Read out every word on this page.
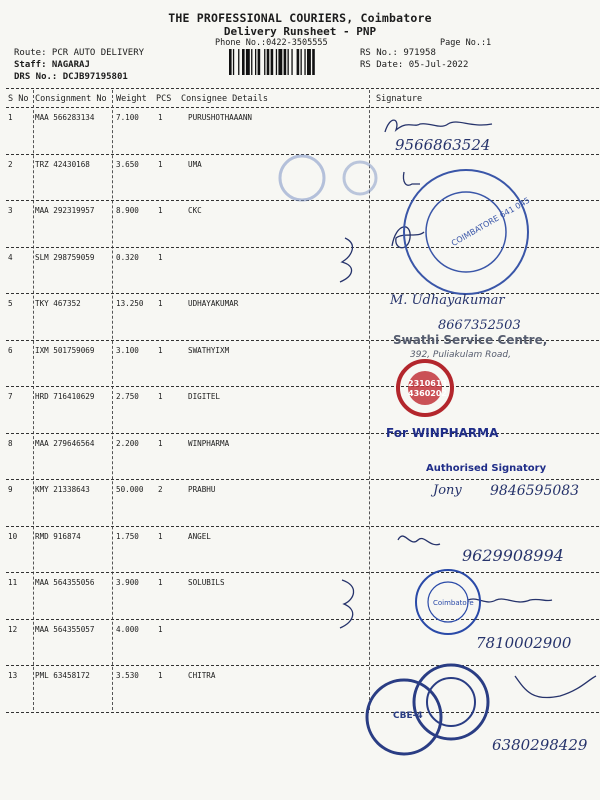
THE PROFESSIONAL COURIERS, Coimbatore
Delivery Runsheet - PNP
Phone No.:0422-3505555	Page No.:1
Route: PCR AUTO DELIVERY
Staff: NAGARAJ
DRS No.: DCJB97195801
RS No.: 971958
RS Date: 05-Jul-2022
S No Consignment No Weight PCS Consignee Details	Signature
1	MAA 566283134	7.100	1	PURUSHOTHAAANN
2	TRZ 42430168	3.650	1	UMA
3	MAA 292319957	8.900	1	CKC
4	SLM 298759059	0.320	1
5	TKY 467352	13.250 1	UDHAYAKUMAR
6	IXM 501759069	3.100	1	SWATHYIXM
7	HRD 716410629	2.750	1	DIGITEL
8	MAA 279646564	2.200	1	WINPHARMA
9	KMY 21338643	50.000 2	PRABHU
10 RMD 916874	1.750	1	ANGEL
11 MAA 564355056	3.900	1	SOLUBILS
12 MAA 564355057	4.000	1
13 PML 63458172	3.530	1	CHITRA
COIMBATORE 641 045
2310613
4360202
Coimbatore
CBE-4
9566863524
M. Udhayakumar
8667352503
Swathi Service Centre,
392, Puliakulam Road,
For WINPHARMA
Authorised Signatory
Jony 9846595083
9629908994
7810002900
6380298429
